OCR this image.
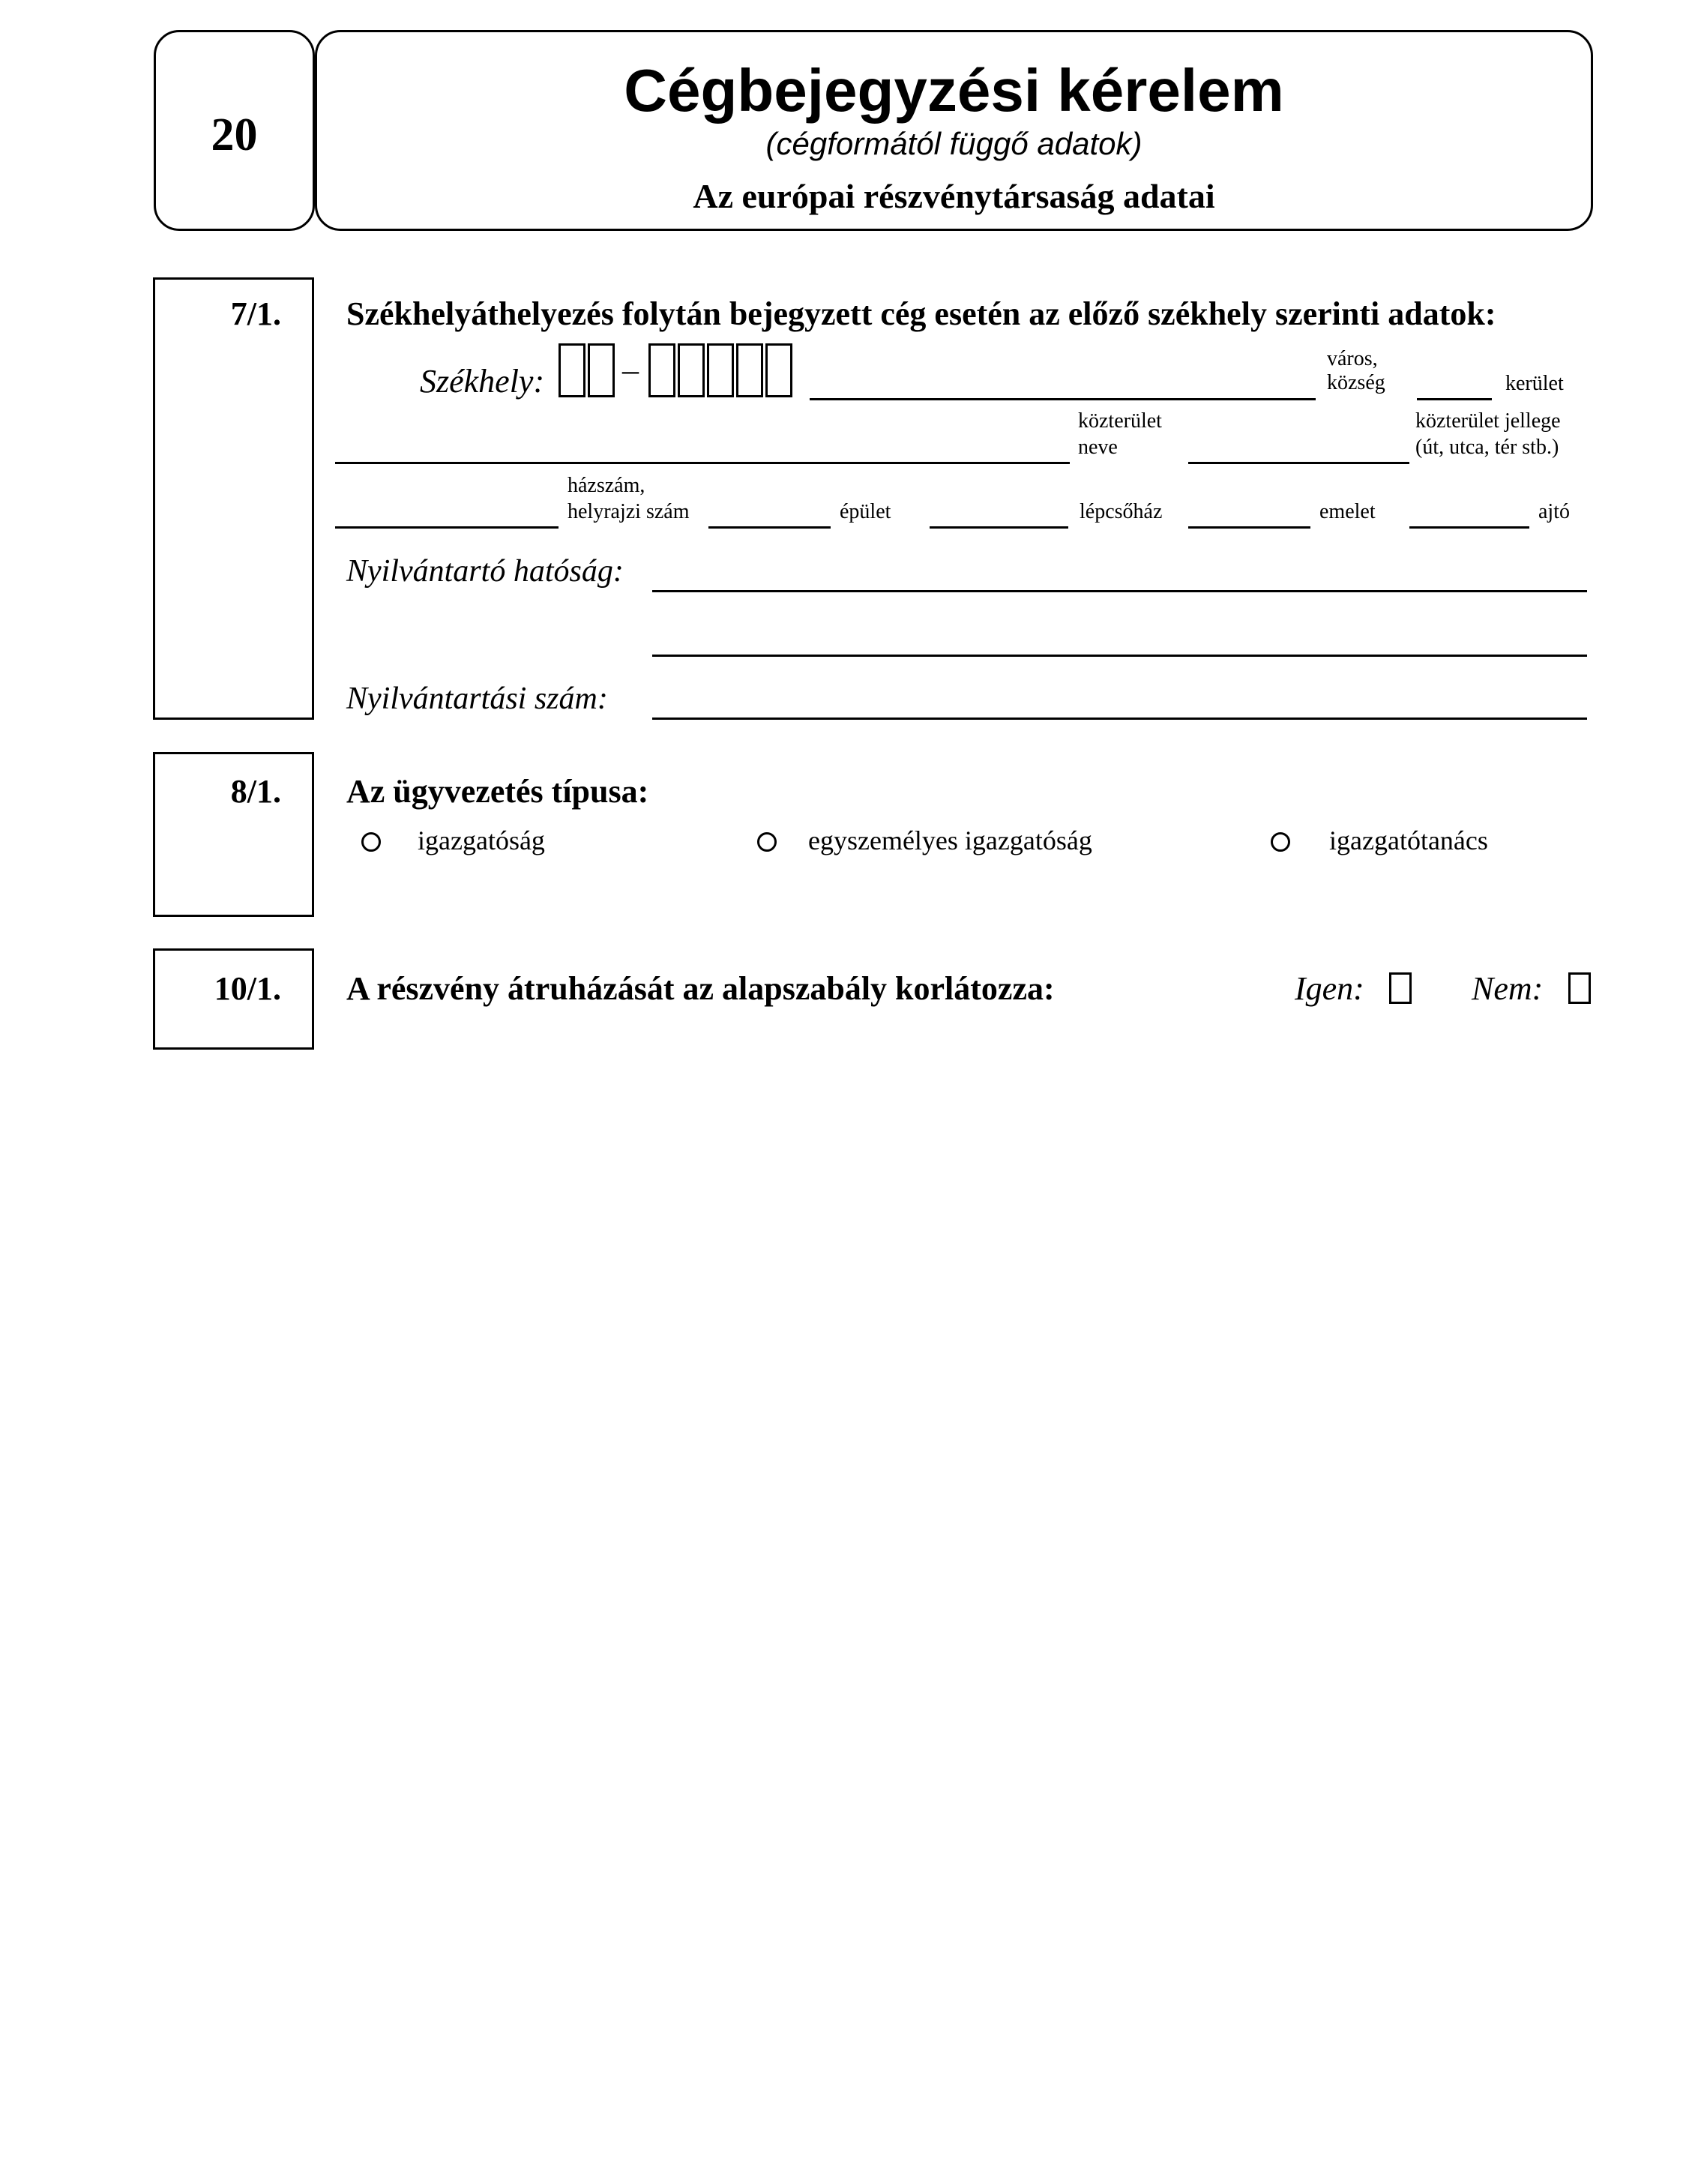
20
Cégbejegyzési kérelem
(cégformától függő adatok)
Az európai részvénytársaság adatai
7/1. Székhelyáthelyezés folytán bejegyzett cég esetén az előző székhely szerinti adatok:
Székhely: –	város,
község	kerület
közterület
neve
közterület jellege
(út, utca, tér stb.)
házszám,
helyrajzi szám	épület	lépcsőház	emelet	ajtó
Nyilvántartó hatóság:
Nyilvántartási szám:
8/1. Az ügyvezetés típusa:
igazgatóság	egyszemélyes igazgatóság	igazgatótanács
10/1. A részvény átruházását az alapszabály korlátozza:	Igen:	Nem:
